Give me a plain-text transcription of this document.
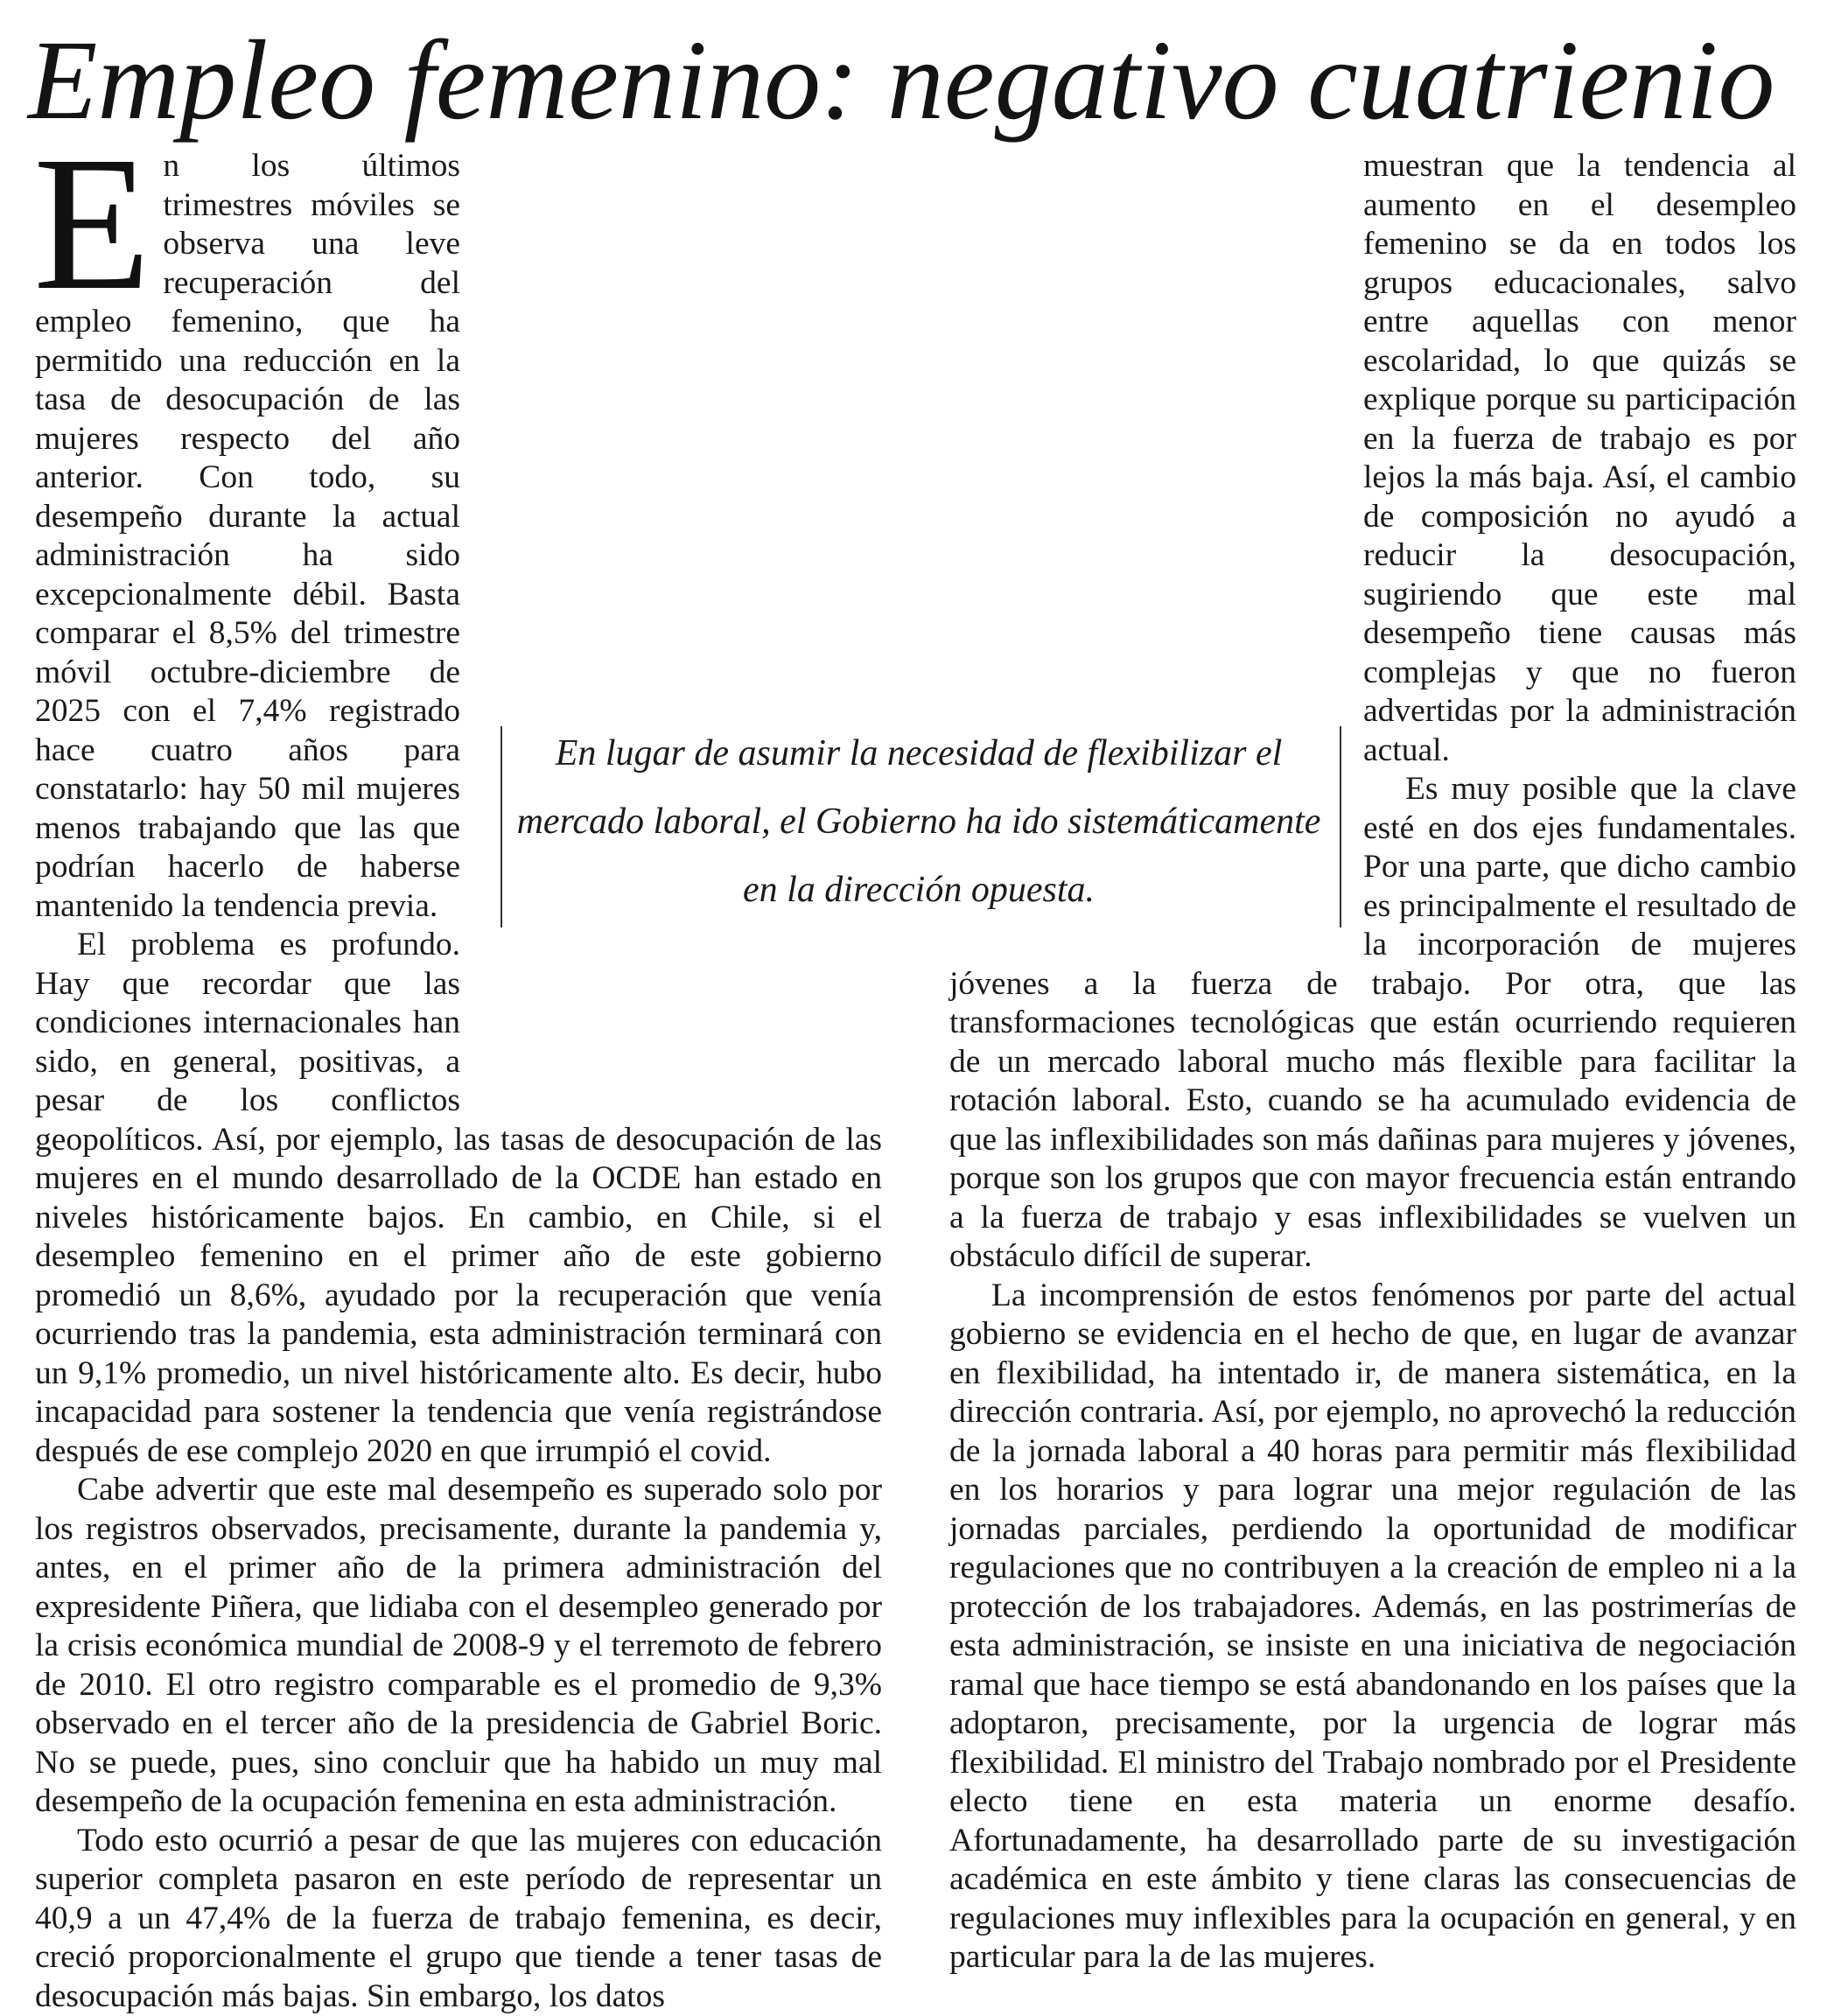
Empleo femenino: negativo cuatrienio
E n los últimos trimestres móviles se observa una leve recuperación del empleo femenino, que ha permitido una reducción en la tasa de desocupación de las mujeres respecto del año anterior. Con todo, su desempeño durante la actual administración ha sido excepcionalmente débil. Basta comparar el 8,5% del trimestre móvil octubre-diciembre de 2025 con el 7,4% registrado hace cuatro años para constatarlo: hay 50 mil mujeres menos trabajando que las que podrían hacerlo de haberse mantenido la tendencia previa.

El problema es profundo. Hay que recordar que las condiciones internacionales han sido, en general, positivas, a pesar de los conflictos geopolíticos. Así, por ejemplo, las tasas de desocupación de las mujeres en el mundo desarrollado de la OCDE han estado en niveles históricamente bajos. En cambio, en Chile, si el desempleo femenino en el primer año de este gobierno promedió un 8,6%, ayudado por la recuperación que venía ocurriendo tras la pandemia, esta administración terminará con un 9,1% promedio, un nivel históricamente alto. Es decir, hubo incapacidad para sostener la tendencia que venía registrándose después de ese complejo 2020 en que irrumpió el covid.

Cabe advertir que este mal desempeño es superado solo por los registros observados, precisamente, durante la pandemia y, antes, en el primer año de la primera administración del expresidente Piñera, que lidiaba con el desempleo generado por la crisis económica mundial de 2008-9 y el terremoto de febrero de 2010. El otro registro comparable es el promedio de 9,3% observado en el tercer año de la presidencia de Gabriel Boric. No se puede, pues, sino concluir que ha habido un muy mal desempeño de la ocupación femenina en esta administración.

Todo esto ocurrió a pesar de que las mujeres con educación superior completa pasaron en este período de representar un 40,9 a un 47,4% de la fuerza de trabajo femenina, es decir, creció proporcionalmente el grupo que tiende a tener tasas de desocupación más bajas. Sin embargo, los datos

muestran que la tendencia al aumento en el desempleo femenino se da en todos los grupos educacionales, salvo entre aquellas con menor escolaridad, lo que quizás se explique porque su participación en la fuerza de trabajo es por lejos la más baja. Así, el cambio de composición no ayudó a reducir la desocupación, sugiriendo que este mal desempeño tiene causas más complejas y que no fueron advertidas por la administración actual.

Es muy posible que la clave esté en dos ejes fundamentales. Por una parte, que dicho cambio es principalmente el resultado de la incorporación de mujeres jóvenes a la fuerza de trabajo. Por otra, que las transformaciones tecnológicas que están ocurriendo requieren de un mercado laboral mucho más flexible para facilitar la rotación laboral. Esto, cuando se ha acumulado evidencia de que las inflexibilidades son más dañinas para mujeres y jóvenes, porque son los grupos que con mayor frecuencia están entrando a la fuerza de trabajo y esas inflexibilidades se vuelven un obstáculo difícil de superar.

La incomprensión de estos fenómenos por parte del actual gobierno se evidencia en el hecho de que, en lugar de avanzar en flexibilidad, ha intentado ir, de manera sistemática, en la dirección contraria. Así, por ejemplo, no aprovechó la reducción de la jornada laboral a 40 horas para permitir más flexibilidad en los horarios y para lograr una mejor regulación de las jornadas parciales, perdiendo la oportunidad de modificar regulaciones que no contribuyen a la creación de empleo ni a la protección de los trabajadores. Además, en las postrimerías de esta administración, se insiste en una iniciativa de negociación ramal que hace tiempo se está abandonando en los países que la adoptaron, precisamente, por la urgencia de lograr más flexibilidad. El ministro del Trabajo nombrado por el Presidente electo tiene en esta materia un enorme desafío. Afortunadamente, ha desarrollado parte de su investigación académica en este ámbito y tiene claras las consecuencias de regulaciones muy inflexibles para la ocupación en general, y en particular para la de las mujeres.

En lugar de asumir la necesidad de flexibilizar el mercado laboral, el Gobierno ha ido sistemáticamente en la dirección opuesta.
